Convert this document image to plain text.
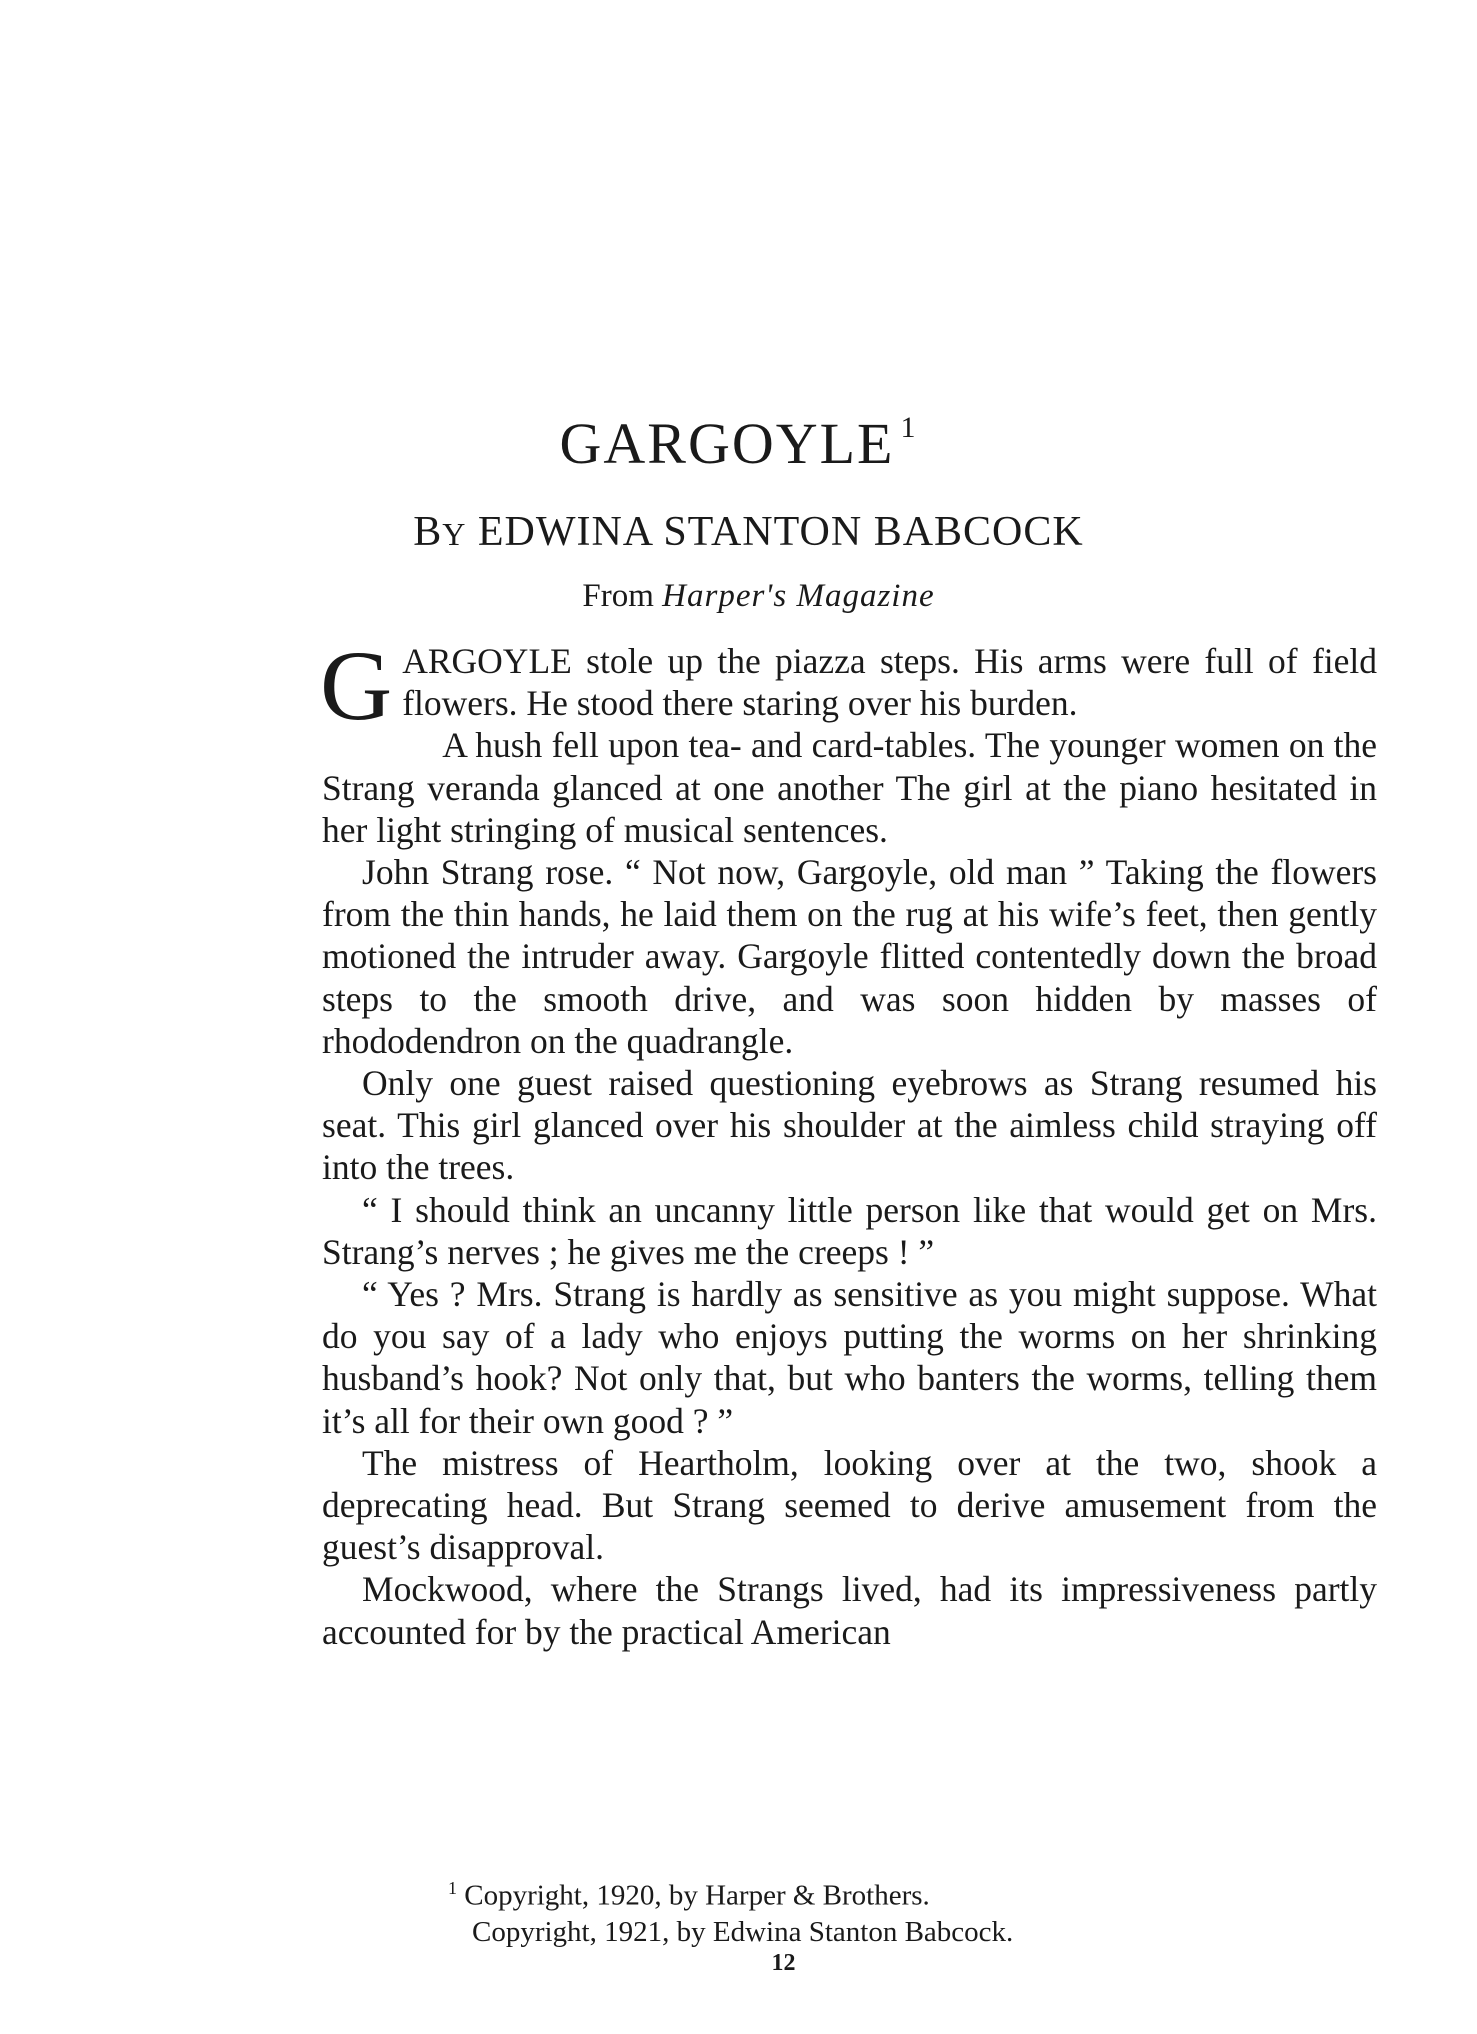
GARGOYLE $^1$
BY EDWINA STANTON BABCOCK
From Harper's Magazine

GARGOYLE stole up the piazza steps. His arms were full of field flowers. He stood there staring over his burden.

A hush fell upon tea- and card-tables. The younger women on the Strang veranda glanced at one another The girl at the piano hesitated in her light stringing of musical sentences.

John Strang rose. “ Not now, Gargoyle, old man ” Taking the flowers from the thin hands, he laid them on the rug at his wife’s feet, then gently motioned the intruder away. Gargoyle flitted contentedly down the broad steps to the smooth drive, and was soon hidden by masses of rhododendron on the quadrangle.

Only one guest raised questioning eyebrows as Strang resumed his seat. This girl glanced over his shoulder at the aimless child straying off into the trees.

“ I should think an uncanny little person like that would get on Mrs. Strang’s nerves ; he gives me the creeps ! ”

“ Yes ? Mrs. Strang is hardly as sensitive as you might suppose. What do you say of a lady who enjoys putting the worms on her shrinking husband’s hook? Not only that, but who banters the worms, telling them it’s all for their own good ? ”

The mistress of Heartholm, looking over at the two, shook a deprecating head. But Strang seemed to derive amusement from the guest’s disapproval.

Mockwood, where the Strangs lived, had its impressiveness partly accounted for by the practical American

$^1$ Copyright, 1920, by Harper & Brothers.
Copyright, 1921, by Edwina Stanton Babcock.
12
